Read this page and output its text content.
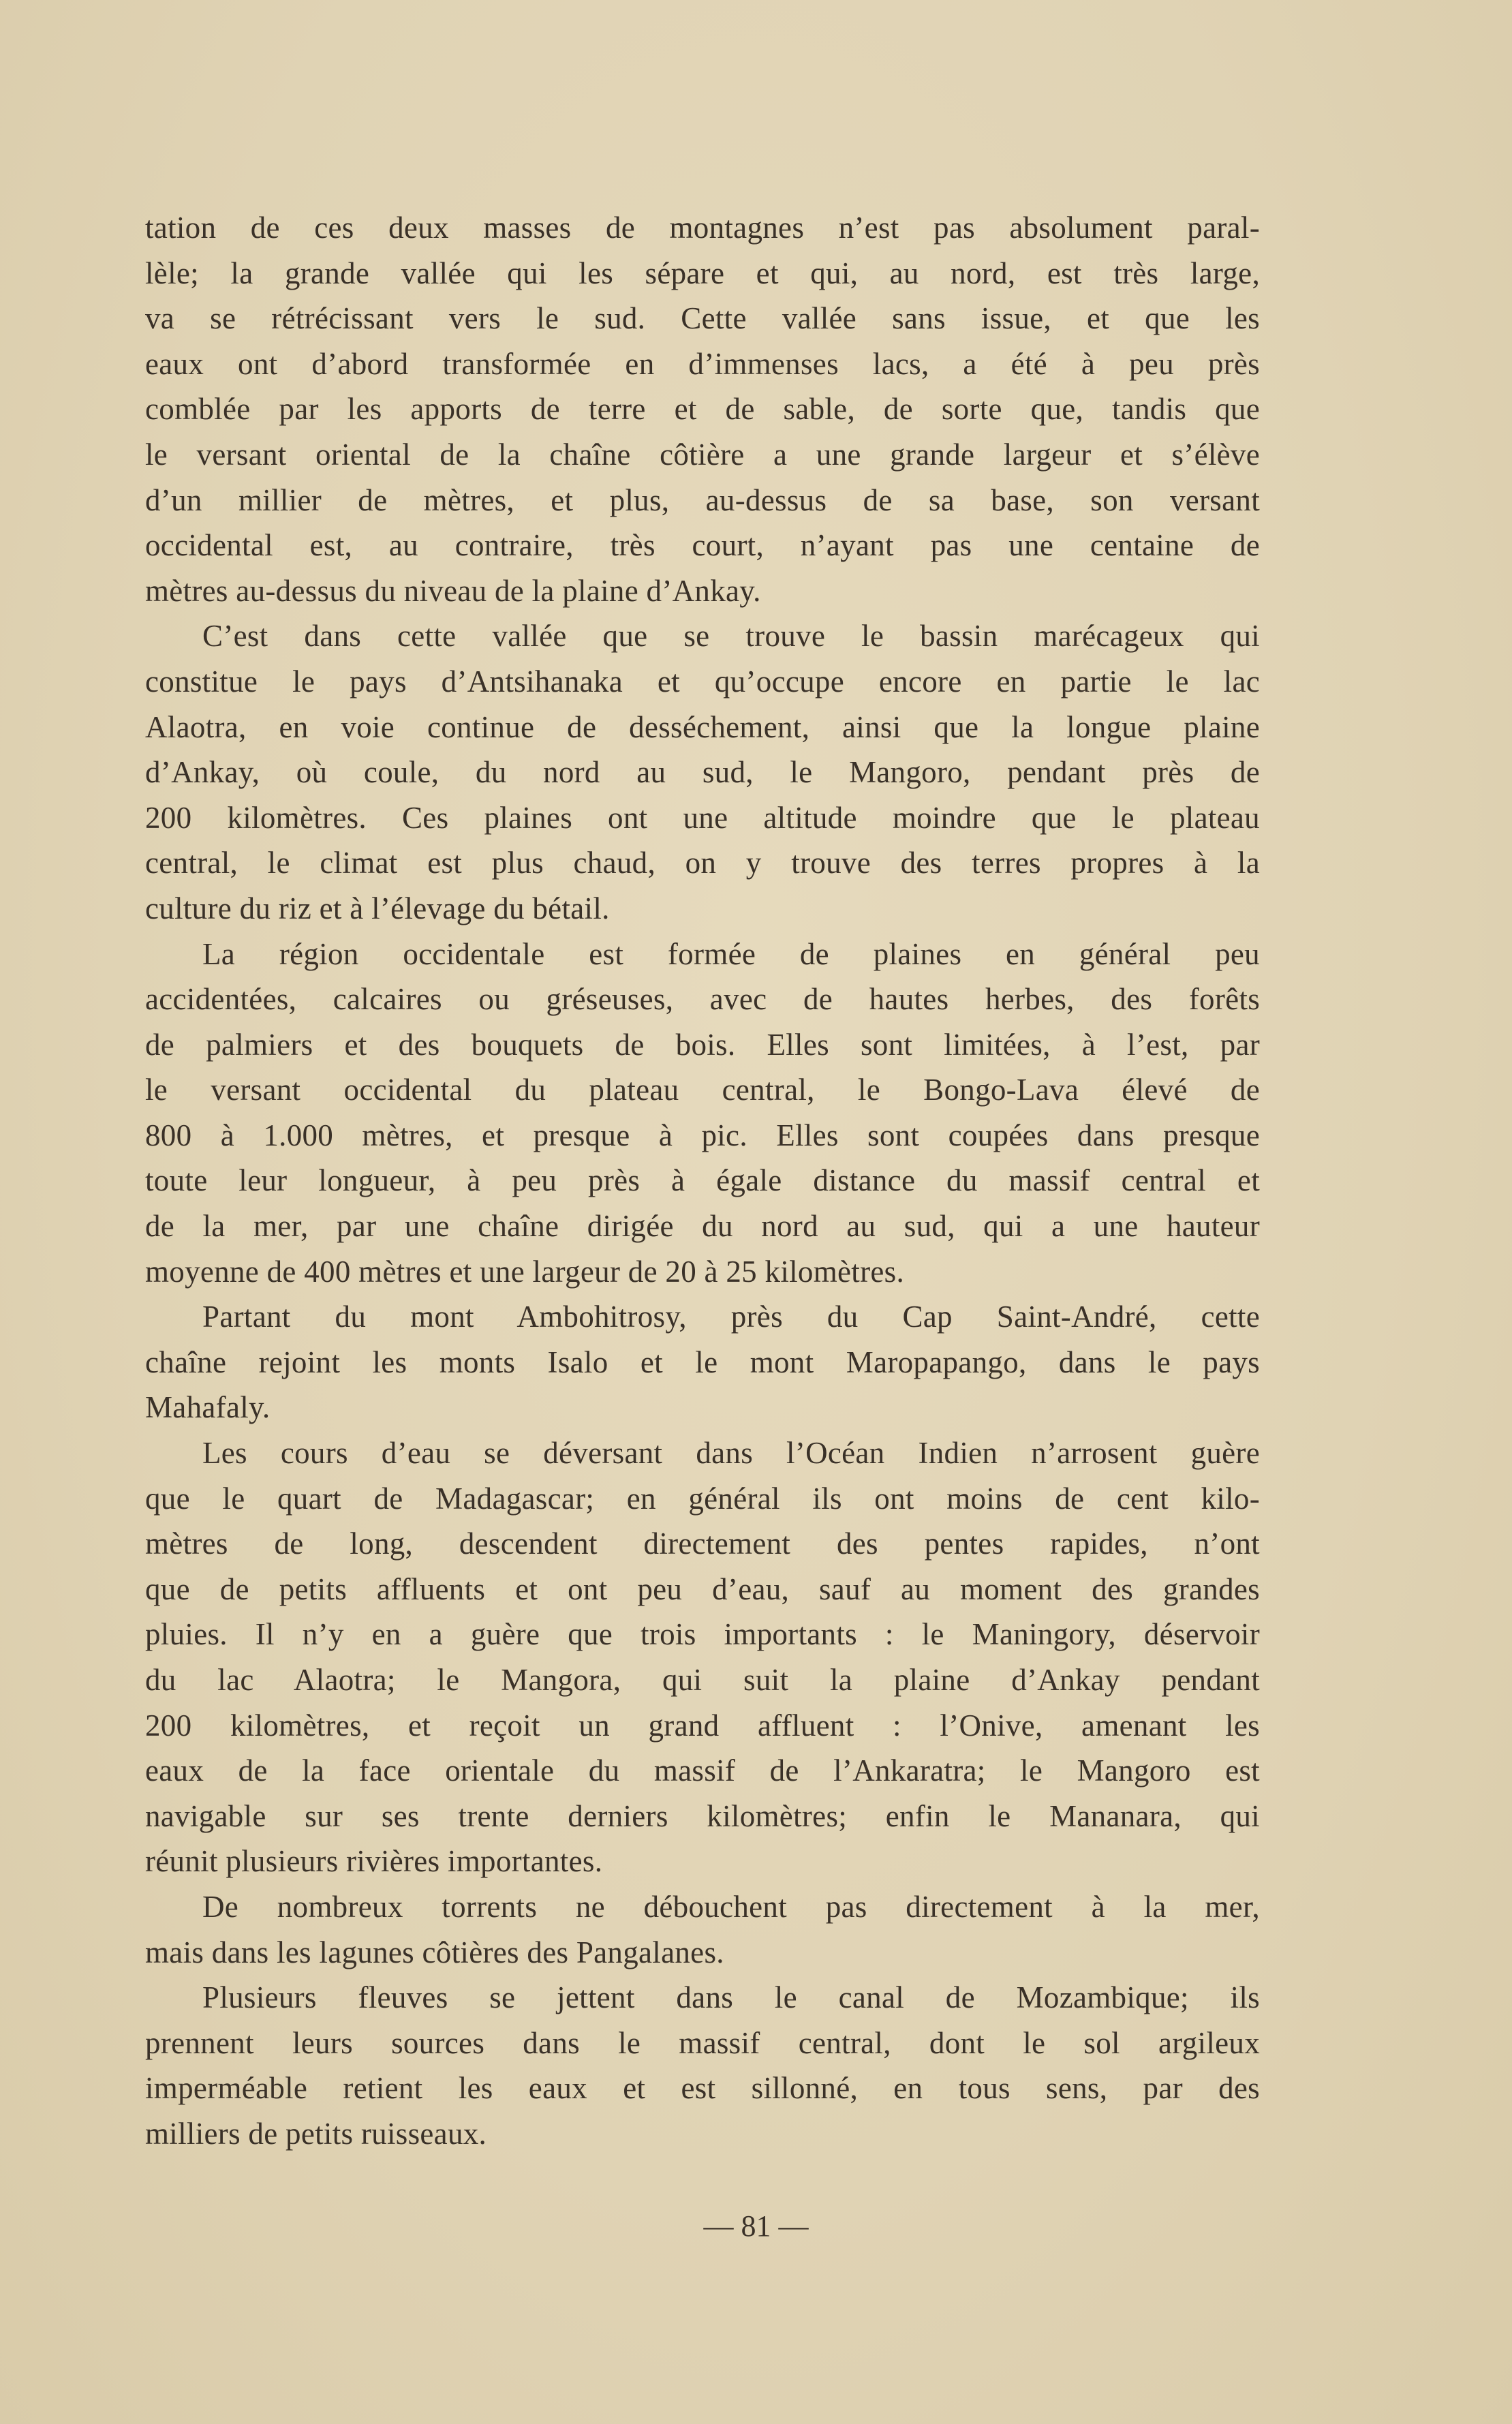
tation de ces deux masses de montagnes n’est pas absolument paral-
lèle; la grande vallée qui les sépare et qui, au nord, est très large,
va se rétrécissant vers le sud. Cette vallée sans issue, et que les
eaux ont d’abord transformée en d’immenses lacs, a été à peu près
comblée par les apports de terre et de sable, de sorte que, tandis que
le versant oriental de la chaîne côtière a une grande largeur et s’élève
d’un millier de mètres, et plus, au-dessus de sa base, son versant
occidental est, au contraire, très court, n’ayant pas une centaine de
mètres au-dessus du niveau de la plaine d’Ankay.
C’est dans cette vallée que se trouve le bassin marécageux qui
constitue le pays d’Antsihanaka et qu’occupe encore en partie le lac
Alaotra, en voie continue de desséchement, ainsi que la longue plaine
d’Ankay, où coule, du nord au sud, le Mangoro, pendant près de
200 kilomètres. Ces plaines ont une altitude moindre que le plateau
central, le climat est plus chaud, on y trouve des terres propres à la
culture du riz et à l’élevage du bétail.
La région occidentale est formée de plaines en général peu
accidentées, calcaires ou gréseuses, avec de hautes herbes, des forêts
de palmiers et des bouquets de bois. Elles sont limitées, à l’est, par
le versant occidental du plateau central, le Bongo-Lava élevé de
800 à 1.000 mètres, et presque à pic. Elles sont coupées dans presque
toute leur longueur, à peu près à égale distance du massif central et
de la mer, par une chaîne dirigée du nord au sud, qui a une hauteur
moyenne de 400 mètres et une largeur de 20 à 25 kilomètres.
Partant du mont Ambohitrosy, près du Cap Saint-André, cette
chaîne rejoint les monts Isalo et le mont Maropapango, dans le pays
Mahafaly.
Les cours d’eau se déversant dans l’Océan Indien n’arrosent guère
que le quart de Madagascar; en général ils ont moins de cent kilo-
mètres de long, descendent directement des pentes rapides, n’ont
que de petits affluents et ont peu d’eau, sauf au moment des grandes
pluies. Il n’y en a guère que trois importants : le Maningory, déservoir
du lac Alaotra; le Mangora, qui suit la plaine d’Ankay pendant
200 kilomètres, et reçoit un grand affluent : l’Onive, amenant les
eaux de la face orientale du massif de l’Ankaratra; le Mangoro est
navigable sur ses trente derniers kilomètres; enfin le Mananara, qui
réunit plusieurs rivières importantes.
De nombreux torrents ne débouchent pas directement à la mer,
mais dans les lagunes côtières des Pangalanes.
Plusieurs fleuves se jettent dans le canal de Mozambique; ils
prennent leurs sources dans le massif central, dont le sol argileux
imperméable retient les eaux et est sillonné, en tous sens, par des
milliers de petits ruisseaux.
— 81 —
